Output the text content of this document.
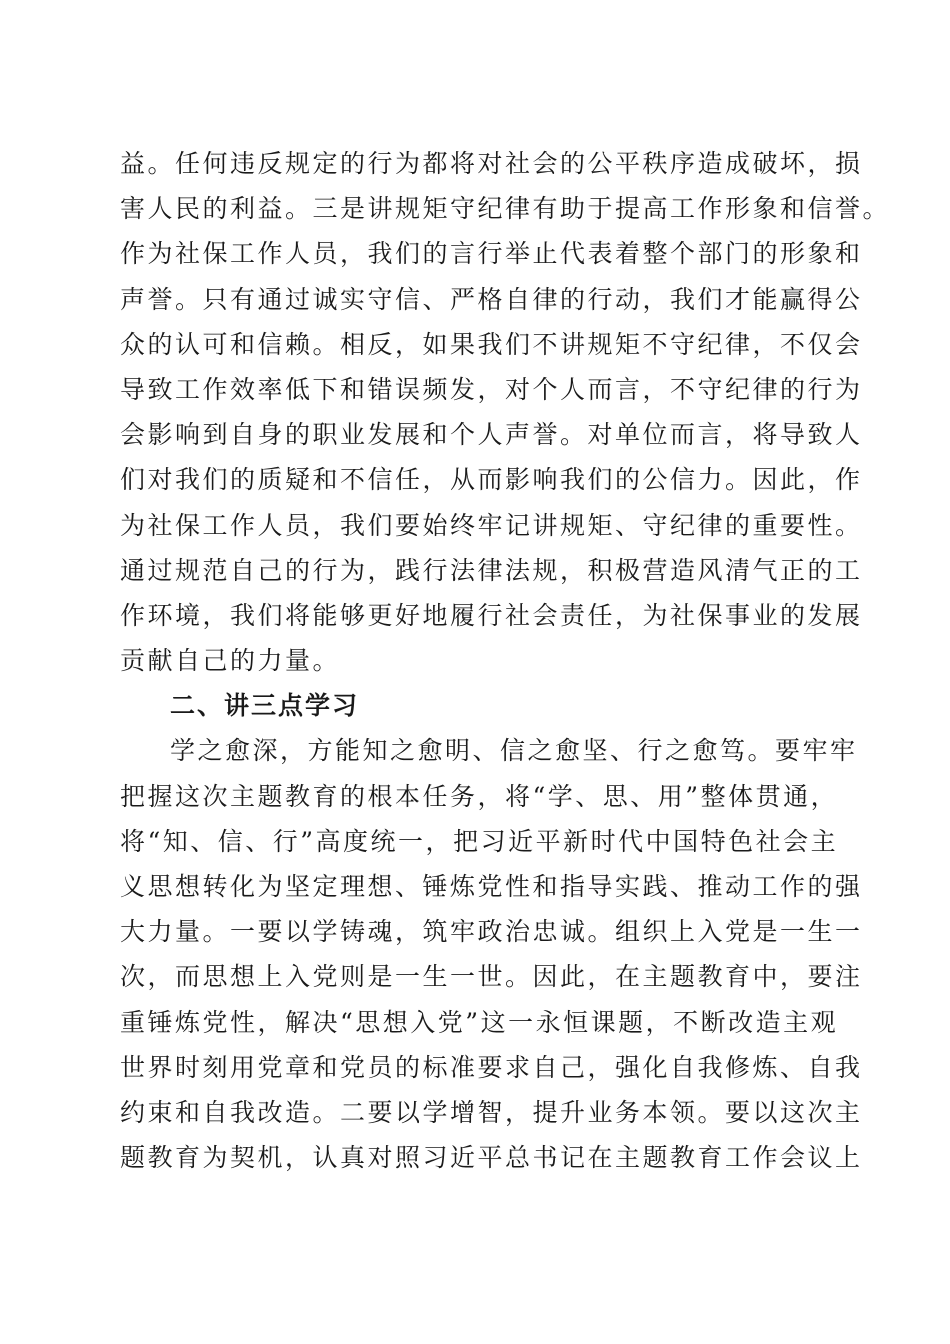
益。任何违反规定的行为都将对社会的公平秩序造成破坏，损
害人民的利益。三是讲规矩守纪律有助于提高工作形象和信誉。
作为社保工作人员，我们的言行举止代表着整个部门的形象和
声誉。只有通过诚实守信、严格自律的行动，我们才能赢得公
众的认可和信赖。相反，如果我们不讲规矩不守纪律，不仅会
导致工作效率低下和错误频发，对个人而言，不守纪律的行为
会影响到自身的职业发展和个人声誉。对单位而言，将导致人
们对我们的质疑和不信任，从而影响我们的公信力。因此，作
为社保工作人员，我们要始终牢记讲规矩、守纪律的重要性。
通过规范自己的行为，践行法律法规，积极营造风清气正的工
作环境，我们将能够更好地履行社会责任，为社保事业的发展
贡献自己的力量。
二、讲三点学习
学之愈深，方能知之愈明、信之愈坚、行之愈笃。要牢牢
把握这次主题教育的根本任务，将“学、思、用”整体贯通，
将“知、信、行”高度统一，把习近平新时代中国特色社会主
义思想转化为坚定理想、锤炼党性和指导实践、推动工作的强
大力量。一要以学铸魂，筑牢政治忠诚。组织上入党是一生一
次，而思想上入党则是一生一世。因此，在主题教育中，要注
重锤炼党性，解决“思想入党”这一永恒课题，不断改造主观
世界时刻用党章和党员的标准要求自己，强化自我修炼、自我
约束和自我改造。二要以学增智，提升业务本领。要以这次主
题教育为契机，认真对照习近平总书记在主题教育工作会议上
